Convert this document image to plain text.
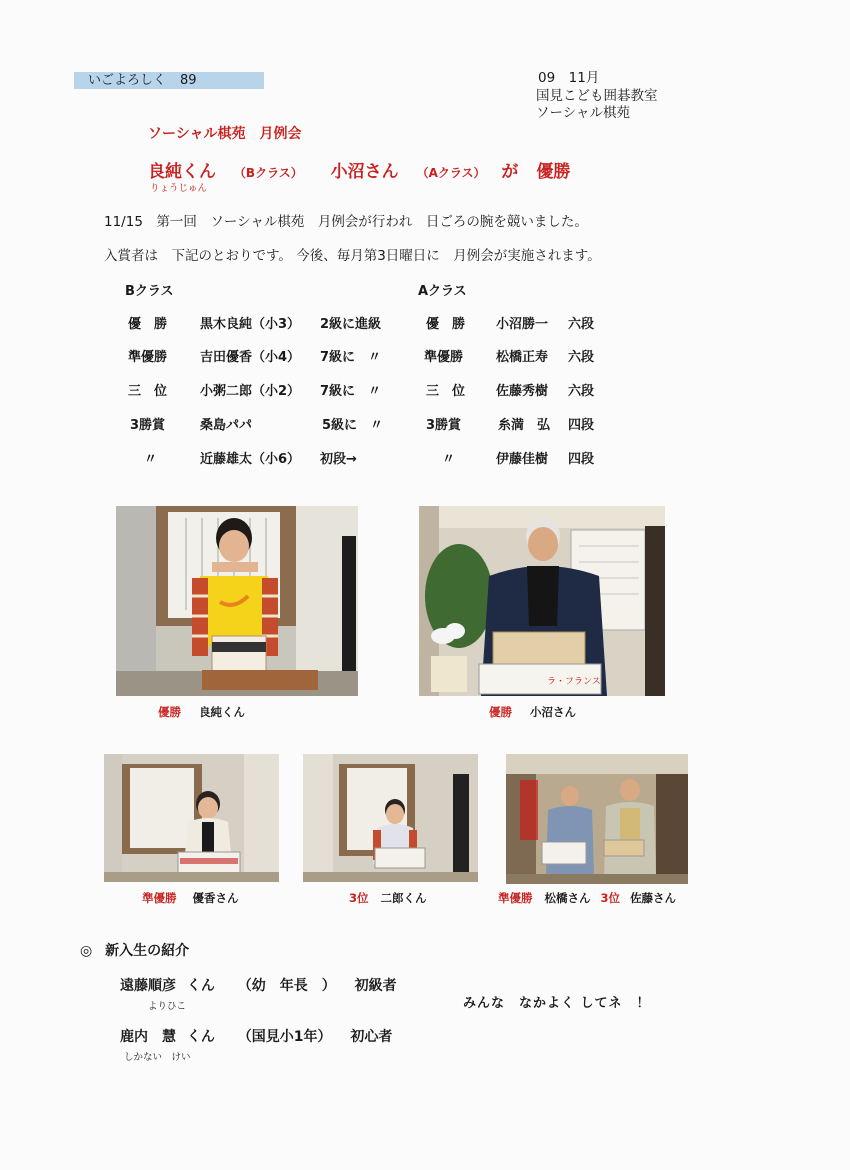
いごよろしく 89	09　11月
国見こども囲碁教室
ソーシャル棋苑
ソーシャル棋苑　月例会
良純くん （Bクラス） 小沼さん （Aクラス） が 優勝
りょうじゅん
11/15　第一回　ソーシャル棋苑　月例会が行われ　日ごろの腕を競いました。
入賞者は　下記のとおりです。 今後、毎月第3日曜日に　月例会が実施されます。
Bクラス	Aクラス
優　勝	黒木良純（小3） 2級に進級	優　勝 小沼勝一 六段
準優勝	吉田優香（小4） 7級に　〃	準優勝	松橋正寿 六段
三　位	小粥二郎（小2） 7級に　〃	三　位 佐藤秀樹 六段
3勝賞	桑島パパ	5級に　〃	3勝賞	糸満　弘 四段
〃	近藤雄太（小6） 初段→	〃	伊藤佳樹 四段
ラ・フランス
優勝 良純くん	優勝 小沼さん
準優勝 優香さん	3位 二郎くん	準優勝 松橋さん 3位 佐藤さん
◎ 新入生の紹介
遠藤順彦 くん （幼　年長　） 初級者
よりひこ	みんな　なかよく してネ　！
鹿内　慧 くん （国見小1年） 初心者
しかない　けい
